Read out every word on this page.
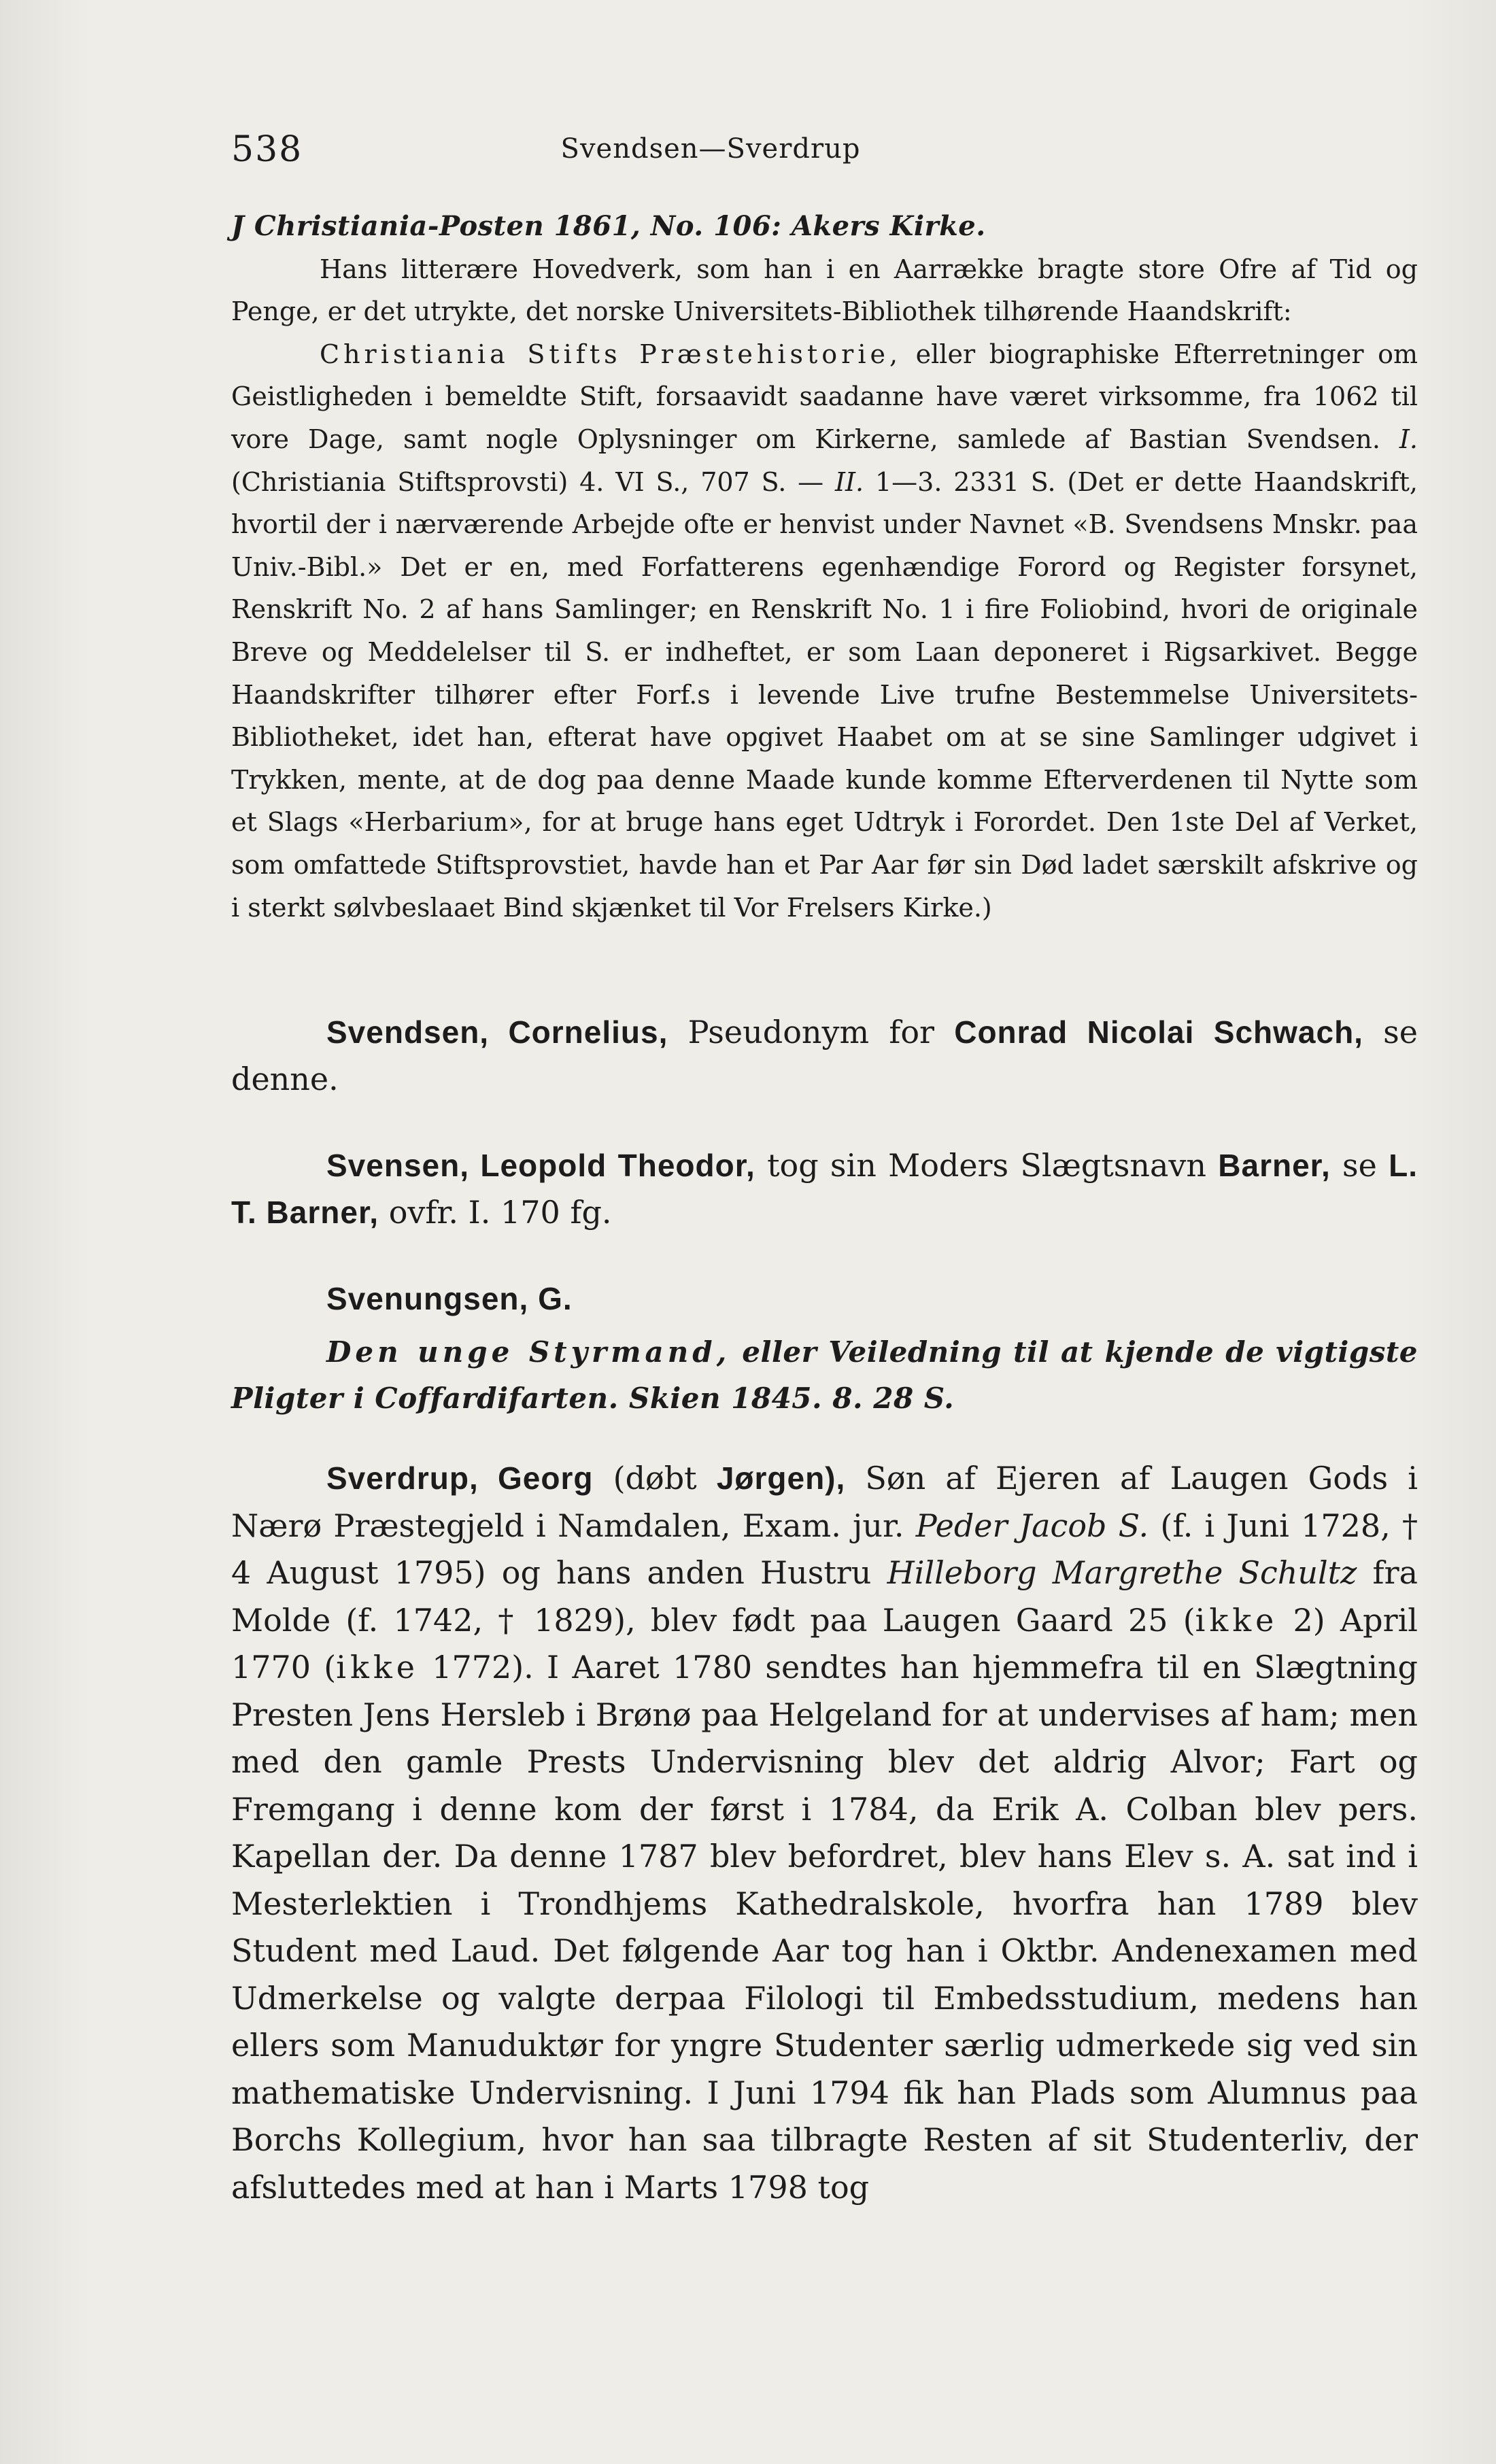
538	Svendsen—Sverdrup
J Christiania-Posten 1861, No. 106: Akers Kirke.
Hans litterære Hovedverk, som han i en Aarrække bragte store Ofre af Tid og Penge, er det utrykte, det norske Universitets-Bibliothek tilhørende Haandskrift:
Christiania Stifts Præstehistorie, eller biographiske Efterretninger om Geistligheden i bemeldte Stift, forsaavidt saadanne have været virksomme, fra 1062 til vore Dage, samt nogle Oplysninger om Kirkerne, samlede af Bastian Svendsen. I. (Christiania Stiftsprovsti) 4. VI S., 707 S. — II. 1—3. 2331 S. (Det er dette Haandskrift, hvortil der i nærværende Arbejde ofte er henvist under Navnet «B. Svendsens Mnskr. paa Univ.-Bibl.» Det er en, med Forfatterens egenhændige Forord og Register forsynet, Renskrift No. 2 af hans Samlinger; en Renskrift No. 1 i fire Foliobind, hvori de originale Breve og Meddelelser til S. er indheftet, er som Laan deponeret i Rigsarkivet. Begge Haandskrifter tilhører efter Forf.s i levende Live trufne Bestemmelse Universitets-Bibliotheket, idet han, efterat have opgivet Haabet om at se sine Samlinger udgivet i Trykken, mente, at de dog paa denne Maade kunde komme Efterverdenen til Nytte som et Slags «Herbarium», for at bruge hans eget Udtryk i Forordet. Den 1ste Del af Verket, som omfattede Stiftsprovstiet, havde han et Par Aar før sin Død ladet særskilt afskrive og i sterkt sølvbeslaaet Bind skjænket til Vor Frelsers Kirke.)
Svendsen, Cornelius, Pseudonym for Conrad Nicolai Schwach, se denne.
Svensen, Leopold Theodor, tog sin Moders Slægtsnavn Barner, se L. T. Barner, ovfr. I. 170 fg.
Svenungsen, G.
Den unge Styrmand, eller Veiledning til at kjende de vigtigste Pligter i Coffardifarten. Skien 1845. 8. 28 S.
Sverdrup, Georg (døbt Jørgen), Søn af Ejeren af Laugen Gods i Nærø Præstegjeld i Namdalen, Exam. jur. Peder Jacob S. (f. i Juni 1728, † 4 August 1795) og hans anden Hustru Hilleborg Margrethe Schultz fra Molde (f. 1742, † 1829), blev født paa Laugen Gaard 25 (ikke 2) April 1770 (ikke 1772). I Aaret 1780 sendtes han hjemmefra til en Slægtning Presten Jens Hersleb i Brønø paa Helgeland for at undervises af ham; men med den gamle Prests Undervisning blev det aldrig Alvor; Fart og Fremgang i denne kom der først i 1784, da Erik A. Colban blev pers. Kapellan der. Da denne 1787 blev befordret, blev hans Elev s. A. sat ind i Mesterlektien i Trondhjems Kathedralskole, hvorfra han 1789 blev Student med Laud. Det følgende Aar tog han i Oktbr. Andenexamen med Udmerkelse og valgte derpaa Filologi til Embedsstudium, medens han ellers som Manuduktør for yngre Studenter særlig udmerkede sig ved sin mathematiske Undervisning. I Juni 1794 fik han Plads som Alumnus paa Borchs Kollegium, hvor han saa tilbragte Resten af sit Studenterliv, der afsluttedes med at han i Marts 1798 tog
